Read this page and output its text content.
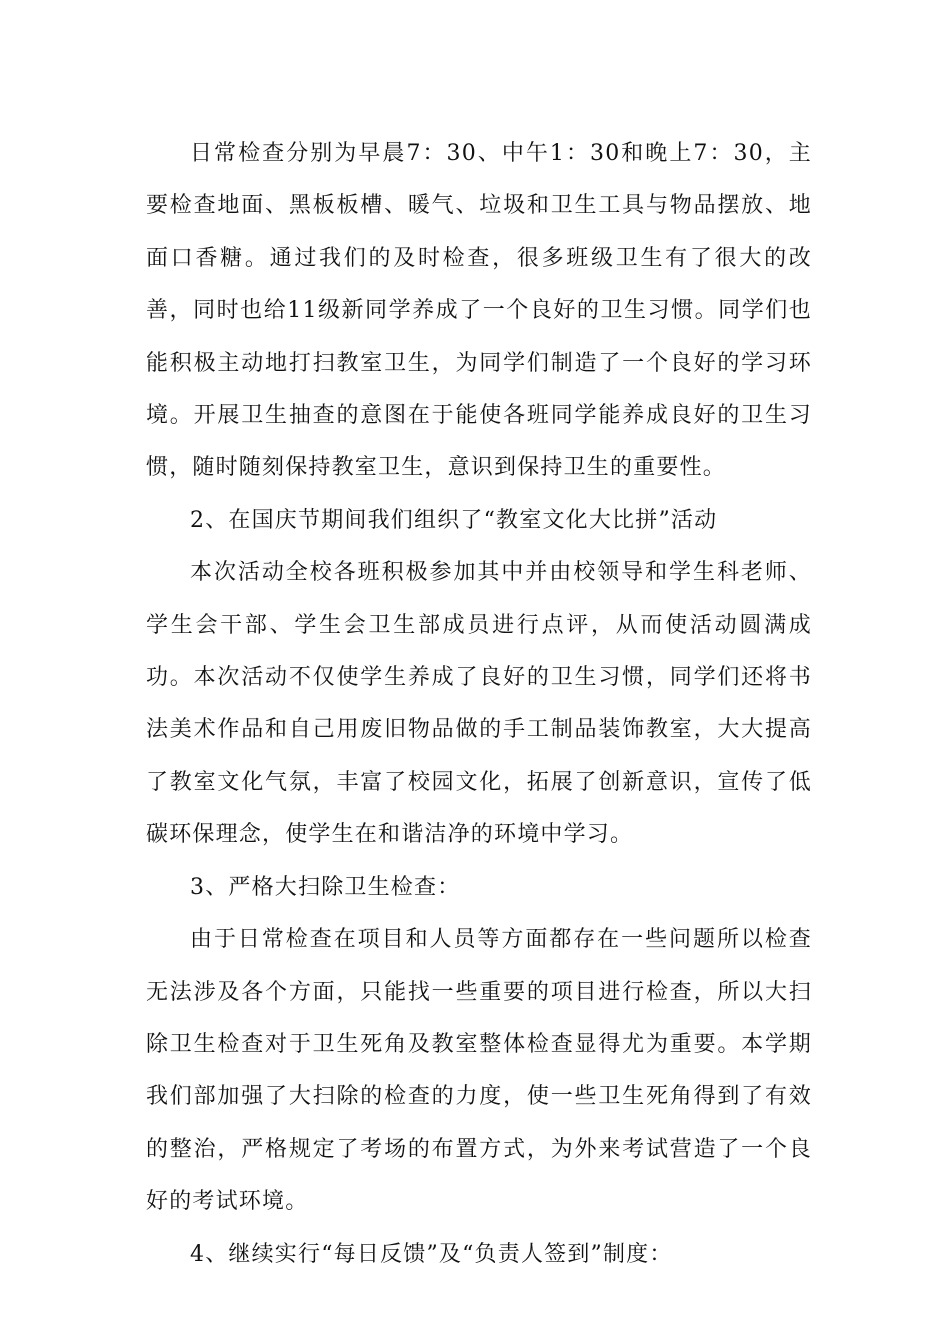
日常检查分别为早晨7：30、中午1：30和晚上7：30，主要检查地面、黑板板槽、暖气、垃圾和卫生工具与物品摆放、地面口香糖。通过我们的及时检查，很多班级卫生有了很大的改善，同时也给11级新同学养成了一个良好的卫生习惯。同学们也能积极主动地打扫教室卫生，为同学们制造了一个良好的学习环境。开展卫生抽查的意图在于能使各班同学能养成良好的卫生习惯，随时随刻保持教室卫生，意识到保持卫生的重要性。

2、在国庆节期间我们组织了“教室文化大比拼”活动

本次活动全校各班积极参加其中并由校领导和学生科老师、学生会干部、学生会卫生部成员进行点评，从而使活动圆满成功。本次活动不仅使学生养成了良好的卫生习惯，同学们还将书法美术作品和自己用废旧物品做的手工制品装饰教室，大大提高了教室文化气氛，丰富了校园文化，拓展了创新意识，宣传了低碳环保理念，使学生在和谐洁净的环境中学习。

3、严格大扫除卫生检查：

由于日常检查在项目和人员等方面都存在一些问题所以检查无法涉及各个方面，只能找一些重要的项目进行检查，所以大扫除卫生检查对于卫生死角及教室整体检查显得尤为重要。本学期我们部加强了大扫除的检查的力度，使一些卫生死角得到了有效的整治，严格规定了考场的布置方式，为外来考试营造了一个良好的考试环境。

4、继续实行“每日反馈”及“负责人签到”制度：
